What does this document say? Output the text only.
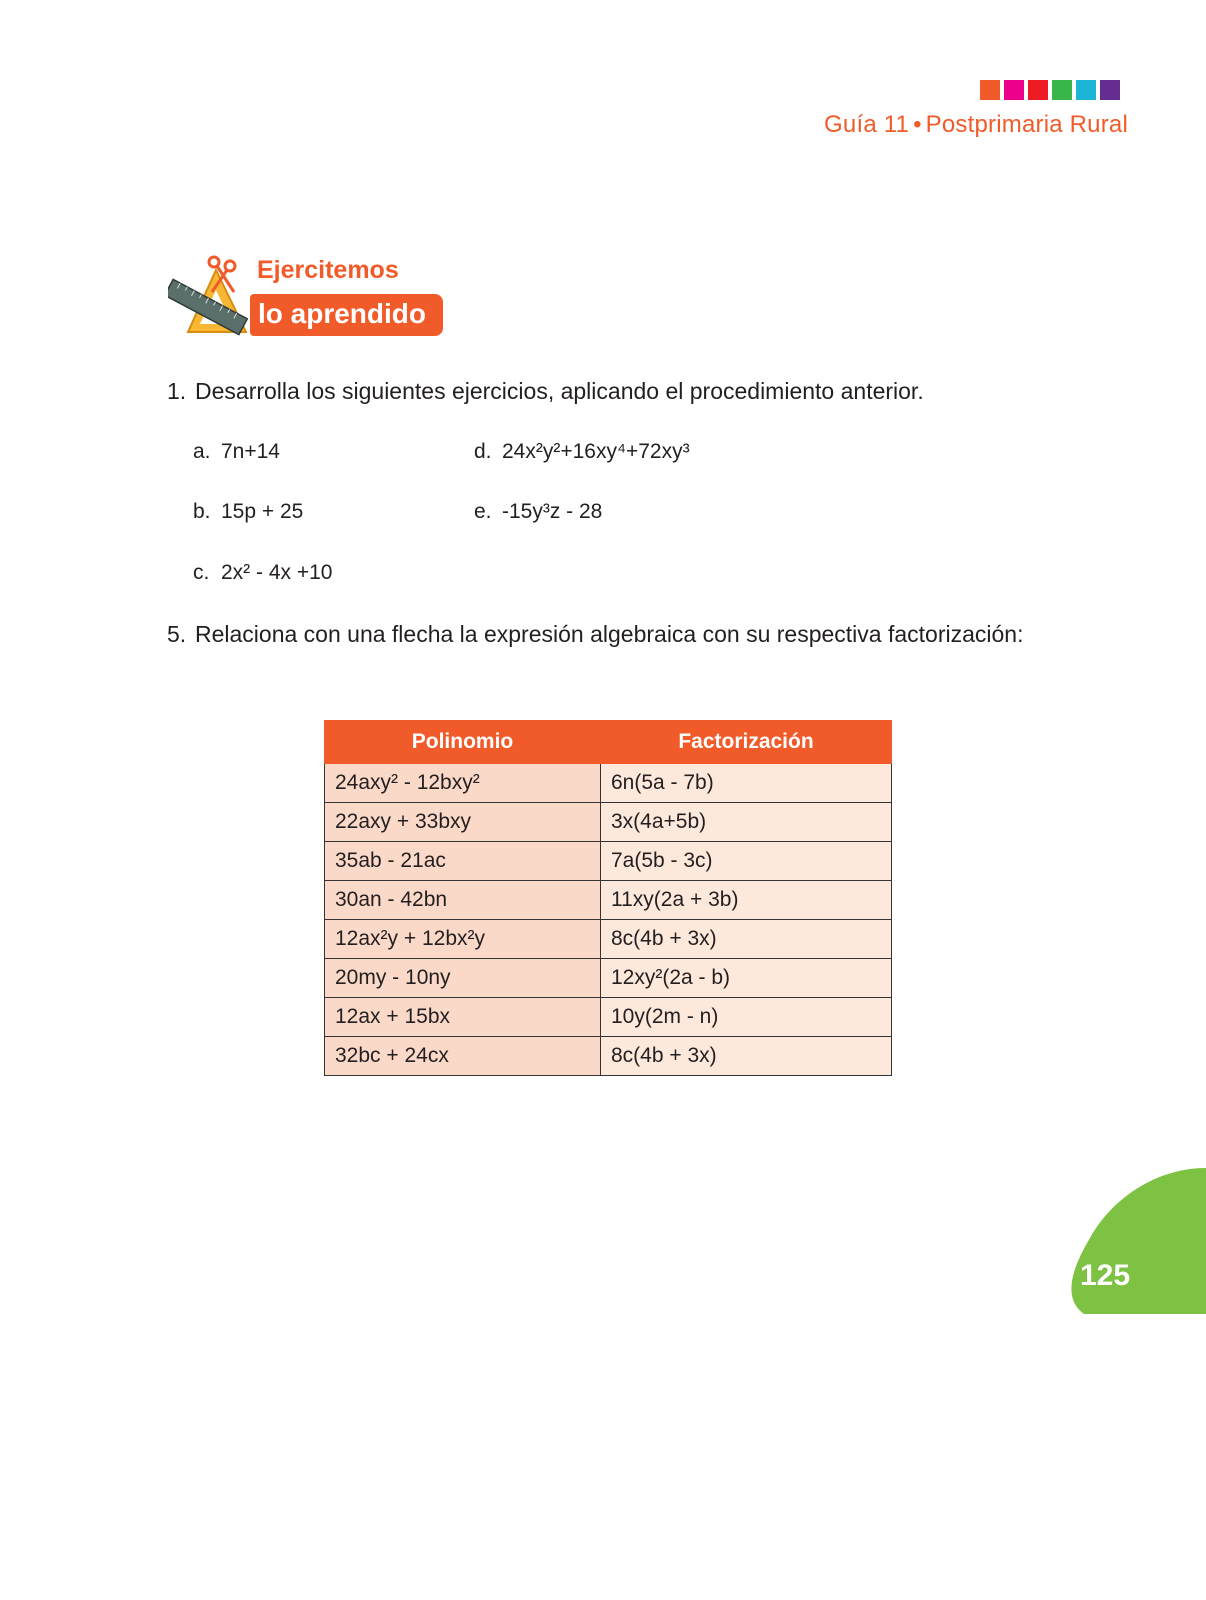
Guía 11 • Postprimaria Rural
Ejercitemos
lo aprendido
1. Desarrolla los siguientes ejercicios, aplicando el procedimiento anterior.
a. 7n+14
b. 15p + 25
c. 2x² - 4x +10
d. 24x²y²+16xy⁴+72xy³
e. -15y³z - 28
5. Relaciona con una flecha la expresión algebraica con su respectiva factorización:
Polinomio	Factorización
24axy² - 12bxy²	6n(5a - 7b)
22axy + 33bxy	3x(4a+5b)
35ab - 21ac	7a(5b - 3c)
30an - 42bn	11xy(2a + 3b)
12ax²y + 12bx²y	8c(4b + 3x)
20my - 10ny	12xy²(2a - b)
12ax + 15bx	10y(2m - n)
32bc + 24cx	8c(4b + 3x)
125
